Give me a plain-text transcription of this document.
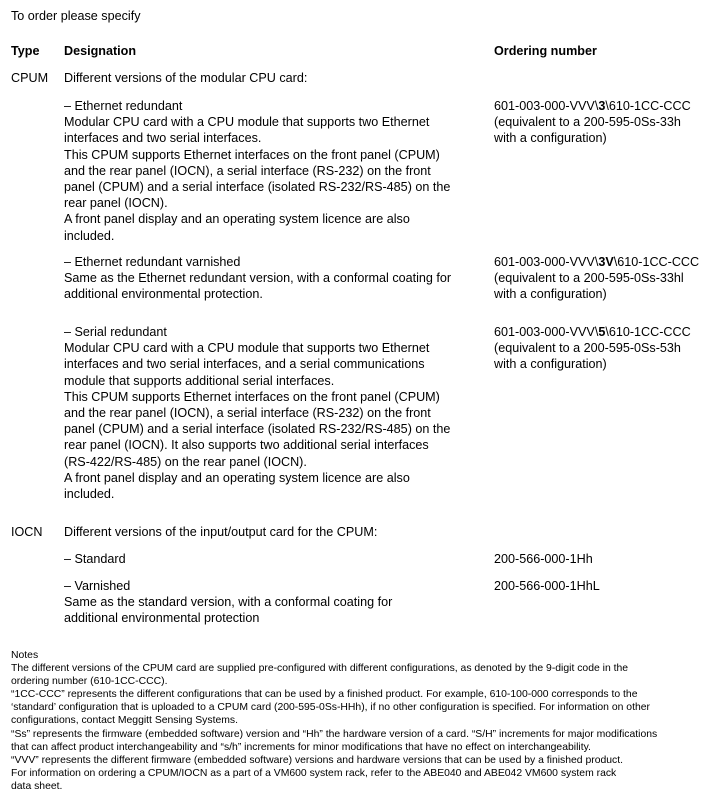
To order please specify
Type Designation	Ordering number
CPUM Different versions of the modular CPU card:
– Ethernet redundant
Modular CPU card with a CPU module that supports two Ethernet
interfaces and two serial interfaces.
This CPUM supports Ethernet interfaces on the front panel (CPUM)
and the rear panel (IOCN), a serial interface (RS-232) on the front
panel (CPUM) and a serial interface (isolated RS-232/RS-485) on the
rear panel (IOCN).
A front panel display and an operating system licence are also
included.
601-003-000-VVV\3\610-1CC-CCC
(equivalent to a 200-595-0Ss-33h
with a configuration)
– Ethernet redundant varnished
Same as the Ethernet redundant version, with a conformal coating for
additional environmental protection.
601-003-000-VVV\3V\610-1CC-CCC
(equivalent to a 200-595-0Ss-33hl
with a configuration)
– Serial redundant
Modular CPU card with a CPU module that supports two Ethernet
interfaces and two serial interfaces, and a serial communications
module that supports additional serial interfaces.
This CPUM supports Ethernet interfaces on the front panel (CPUM)
and the rear panel (IOCN), a serial interface (RS-232) on the front
panel (CPUM) and a serial interface (isolated RS-232/RS-485) on the
rear panel (IOCN). It also supports two additional serial interfaces
(RS-422/RS-485) on the rear panel (IOCN).
A front panel display and an operating system licence are also
included.
601-003-000-VVV\5\610-1CC-CCC
(equivalent to a 200-595-0Ss-53h
with a configuration)
IOCN Different versions of the input/output card for the CPUM:
– Standard	200-566-000-1Hh
– Varnished
Same as the standard version, with a conformal coating for
additional environmental protection
200-566-000-1HhL
Notes
The different versions of the CPUM card are supplied pre-configured with different configurations, as denoted by the 9-digit code in the
ordering number (610-1CC-CCC).
“1CC-CCC” represents the different configurations that can be used by a finished product. For example, 610-100-000 corresponds to the
‘standard’ configuration that is uploaded to a CPUM card (200-595-0Ss-HHh), if no other configuration is specified. For information on other
configurations, contact Meggitt Sensing Systems.
“Ss” represents the firmware (embedded software) version and “Hh” the hardware version of a card. “S/H” increments for major modifications
that can affect product interchangeability and “s/h” increments for minor modifications that have no effect on interchangeability.
“VVV” represents the different firmware (embedded software) versions and hardware versions that can be used by a finished product.
For information on ordering a CPUM/IOCN as a part of a VM600 system rack, refer to the ABE040 and ABE042 VM600 system rack
data sheet.
